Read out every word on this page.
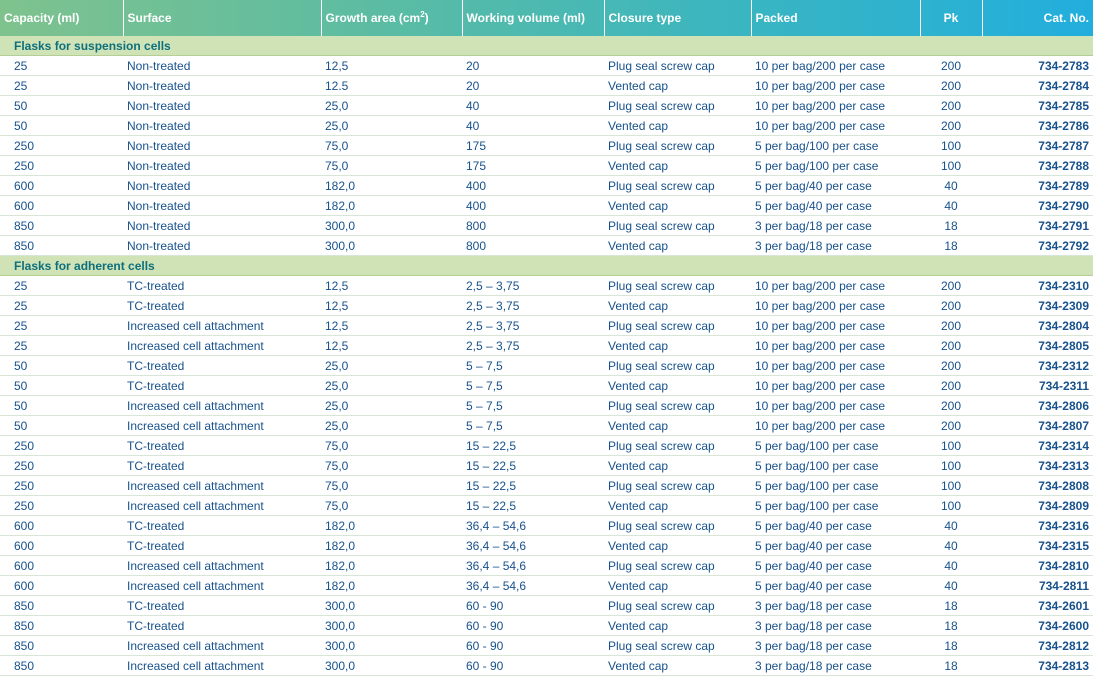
Capacity (ml)	Surface	Growth area $(cm^2)$	Working volume (ml)	Closure type	Packed	Pk	Cat. No.
Flasks for suspension cells							
25	Non-treated	12,5	20	Plug seal screw cap	10 per bag/200 per case	200	734-2783
25	Non-treated	12.5	20	Vented cap	10 per bag/200 per case	200	734-2784
50	Non-treated	25,0	40	Plug seal screw cap	10 per bag/200 per case	200	734-2785
50	Non-treated	25,0	40	Vented cap	10 per bag/200 per case	200	734-2786
250	Non-treated	75,0	175	Plug seal screw cap	5 per bag/100 per case	100	734-2787
250	Non-treated	75,0	175	Vented cap	5 per bag/100 per case	100	734-2788
600	Non-treated	182,0	400	Plug seal screw cap	5 per bag/40 per case	40	734-2789
600	Non-treated	182,0	400	Vented cap	5 per bag/40 per case	40	734-2790
850	Non-treated	300,0	800	Plug seal screw cap	3 per bag/18 per case	18	734-2791
850	Non-treated	300,0	800	Vented cap	3 per bag/18 per case	18	734-2792
Flasks for adherent cells							
25	TC-treated	12,5	2,5 – 3,75	Plug seal screw cap	10 per bag/200 per case	200	734-2310
25	TC-treated	12,5	2,5 – 3,75	Vented cap	10 per bag/200 per case	200	734-2309
25	Increased cell attachment	12,5	2,5 – 3,75	Plug seal screw cap	10 per bag/200 per case	200	734-2804
25	Increased cell attachment	12,5	2,5 – 3,75	Vented cap	10 per bag/200 per case	200	734-2805
50	TC-treated	25,0	5 – 7,5	Plug seal screw cap	10 per bag/200 per case	200	734-2312
50	TC-treated	25,0	5 – 7,5	Vented cap	10 per bag/200 per case	200	734-2311
50	Increased cell attachment	25,0	5 – 7,5	Plug seal screw cap	10 per bag/200 per case	200	734-2806
50	Increased cell attachment	25,0	5 – 7,5	Vented cap	10 per bag/200 per case	200	734-2807
250	TC-treated	75,0	15 – 22,5	Plug seal screw cap	5 per bag/100 per case	100	734-2314
250	TC-treated	75,0	15 – 22,5	Vented cap	5 per bag/100 per case	100	734-2313
250	Increased cell attachment	75,0	15 – 22,5	Plug seal screw cap	5 per bag/100 per case	100	734-2808
250	Increased cell attachment	75,0	15 – 22,5	Vented cap	5 per bag/100 per case	100	734-2809
600	TC-treated	182,0	36,4 – 54,6	Plug seal screw cap	5 per bag/40 per case	40	734-2316
600	TC-treated	182,0	36,4 – 54,6	Vented cap	5 per bag/40 per case	40	734-2315
600	Increased cell attachment	182,0	36,4 – 54,6	Plug seal screw cap	5 per bag/40 per case	40	734-2810
600	Increased cell attachment	182,0	36,4 – 54,6	Vented cap	5 per bag/40 per case	40	734-2811
850	TC-treated	300,0	60 - 90	Plug seal screw cap	3 per bag/18 per case	18	734-2601
850	TC-treated	300,0	60 - 90	Vented cap	3 per bag/18 per case	18	734-2600
850	Increased cell attachment	300,0	60 - 90	Plug seal screw cap	3 per bag/18 per case	18	734-2812
850	Increased cell attachment	300,0	60 - 90	Vented cap	3 per bag/18 per case	18	734-2813
